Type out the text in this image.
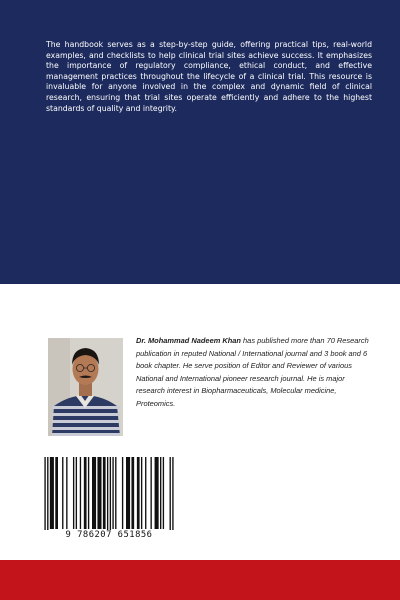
The handbook serves as a step-by-step guide, offering practical tips, real-world examples, and checklists to help clinical trial sites achieve success. It emphasizes the importance of regulatory compliance, ethical conduct, and effective management practices throughout the lifecycle of a clinical trial. This resource is invaluable for anyone involved in the complex and dynamic field of clinical research, ensuring that trial sites operate efficiently and adhere to the highest standards of quality and integrity.

Dr. Mohammad Nadeem Khan has published more than 70 Research publication in reputed National / International journal and 3 book and 6 book chapter. He serve position of Editor and Reviewer of various National and International pioneer research journal. He is major research interest in Biopharmaceuticals, Molecular medicine, Proteomics.

9 786207 651856
